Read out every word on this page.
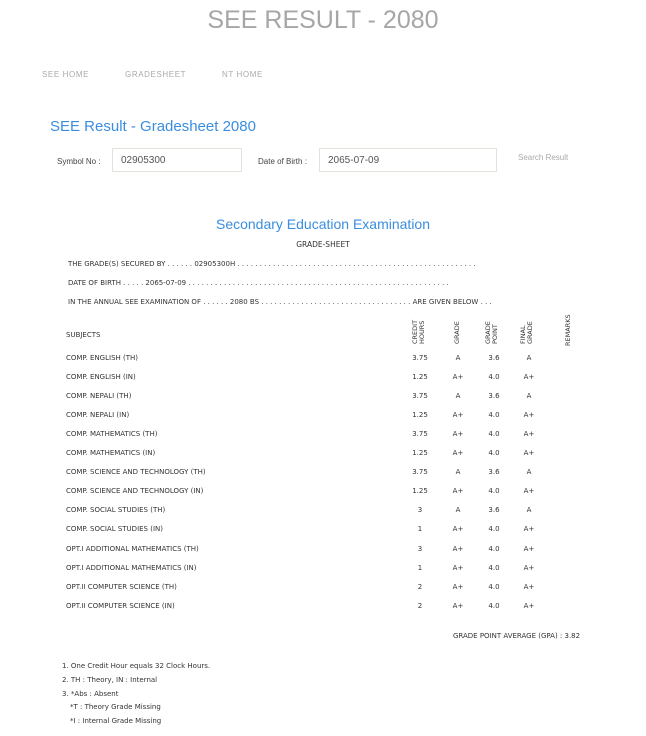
SEE RESULT - 2080
SEE HOME	GRADESHEET	NT HOME
SEE Result - Gradesheet 2080
Symbol No :
02905300	Date of Birth :
2065-07-09	Search Result
Secondary Education Examination
GRADE-SHEET
THE GRADE(S) SECURED BY . . . . . . 02905300H . . . . . . . . . . . . . . . . . . . . . . . . . . . . . . . . . . . . . . . . . . . . . . . . . . . . . .
DATE OF BIRTH . . . . . 2065-07-09 . . . . . . . . . . . . . . . . . . . . . . . . . . . . . . . . . . . . . . . . . . . . . . . . . . . . . . . . . . .
IN THE ANNUAL SEE EXAMINATION OF . . . . . . 2080 BS . . . . . . . . . . . . . . . . . . . . . . . . . . . . . . . . . . ARE GIVEN BELOW . . .
SUBJECTS	CREDIT HOURS	GRADE	GRADE POINT	FINAL GRADE	REMARKS
COMP. ENGLISH (TH)	3.75	A	3.6	A
COMP. ENGLISH (IN)	1.25	A+	4.0	A+
COMP. NEPALI (TH)	3.75	A	3.6	A
COMP. NEPALI (IN)	1.25	A+	4.0	A+
COMP. MATHEMATICS (TH)	3.75	A+	4.0	A+
COMP. MATHEMATICS (IN)	1.25	A+	4.0	A+
COMP. SCIENCE AND TECHNOLOGY (TH)	3.75	A	3.6	A
COMP. SCIENCE AND TECHNOLOGY (IN)	1.25	A+	4.0	A+
COMP. SOCIAL STUDIES (TH)	3	A	3.6	A
COMP. SOCIAL STUDIES (IN)	1	A+	4.0	A+
OPT.I ADDITIONAL MATHEMATICS (TH)	3	A+	4.0	A+
OPT.I ADDITIONAL MATHEMATICS (IN)	1	A+	4.0	A+
OPT.II COMPUTER SCIENCE (TH)	2	A+	4.0	A+
OPT.II COMPUTER SCIENCE (IN)	2	A+	4.0	A+
GRADE POINT AVERAGE (GPA) : 3.82
1. One Credit Hour equals 32 Clock Hours.
2. TH : Theory, IN : Internal
3. *Abs : Absent
*T : Theory Grade Missing
*I : Internal Grade Missing
